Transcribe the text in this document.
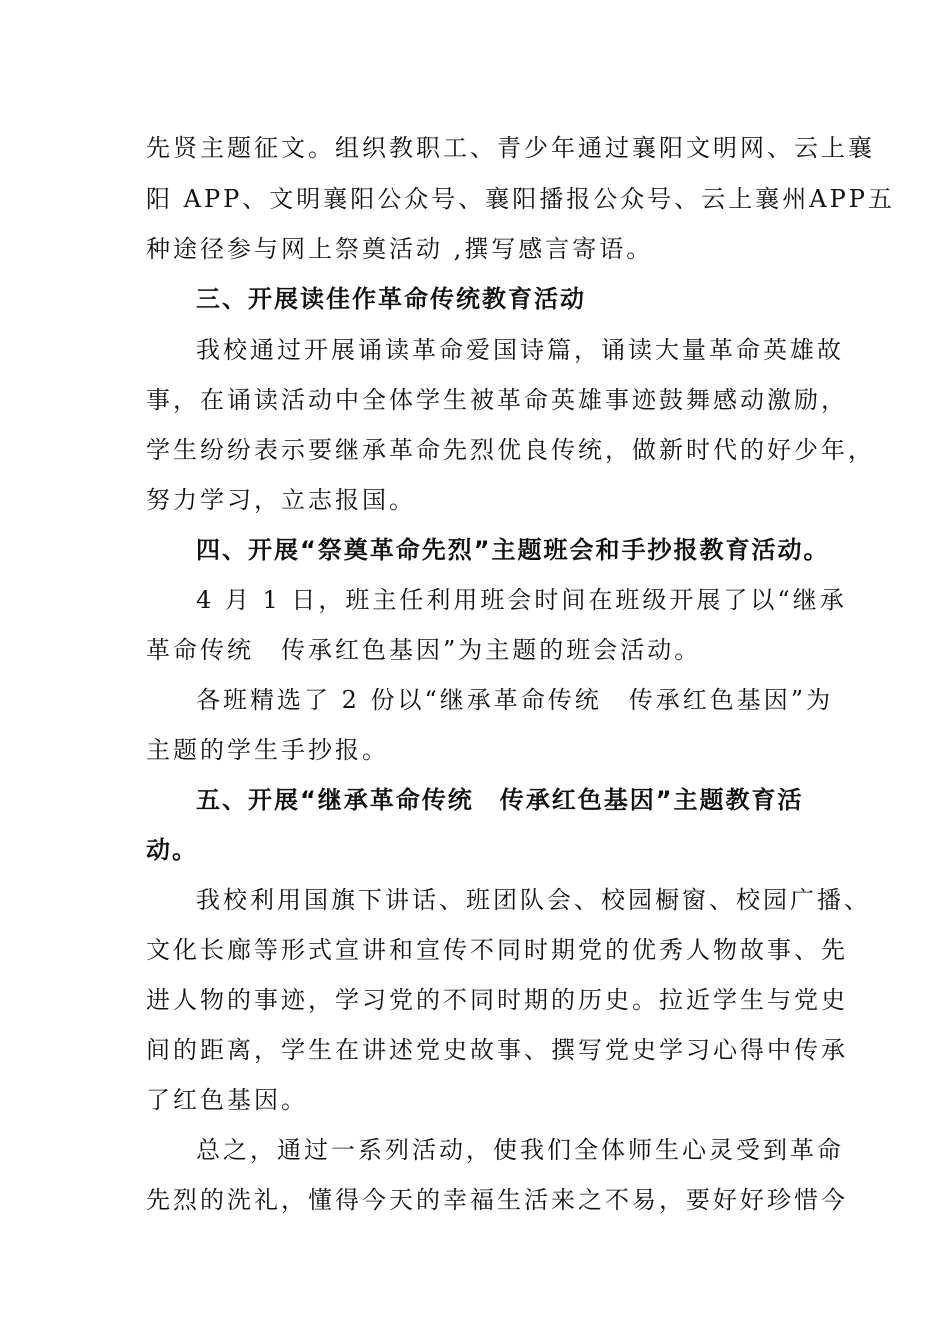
先贤主题征文。组织教职工、青少年通过襄阳文明网、云上襄
阳 APP、文明襄阳公众号、襄阳播报公众号、云上襄州APP五
种途径参与网上祭奠活动 ,撰写感言寄语。
三、开展读佳作革命传统教育活动
我校通过开展诵读革命爱国诗篇，诵读大量革命英雄故
事，在诵读活动中全体学生被革命英雄事迹鼓舞感动激励，
学生纷纷表示要继承革命先烈优良传统，做新时代的好少年，
努力学习，立志报国。
四、开展“祭奠革命先烈”主题班会和手抄报教育活动。
4 月 1 日，班主任利用班会时间在班级开展了以“继承
革命传统　传承红色基因”为主题的班会活动。
各班精选了 2 份以“继承革命传统　传承红色基因”为
主题的学生手抄报。
五、开展“继承革命传统　传承红色基因”主题教育活
动。
我校利用国旗下讲话、班团队会、校园橱窗、校园广播、
文化长廊等形式宣讲和宣传不同时期党的优秀人物故事、先
进人物的事迹，学习党的不同时期的历史。拉近学生与党史
间的距离，学生在讲述党史故事、撰写党史学习心得中传承
了红色基因。
总之，通过一系列活动，使我们全体师生心灵受到革命
先烈的洗礼，懂得今天的幸福生活来之不易，要好好珍惜今
